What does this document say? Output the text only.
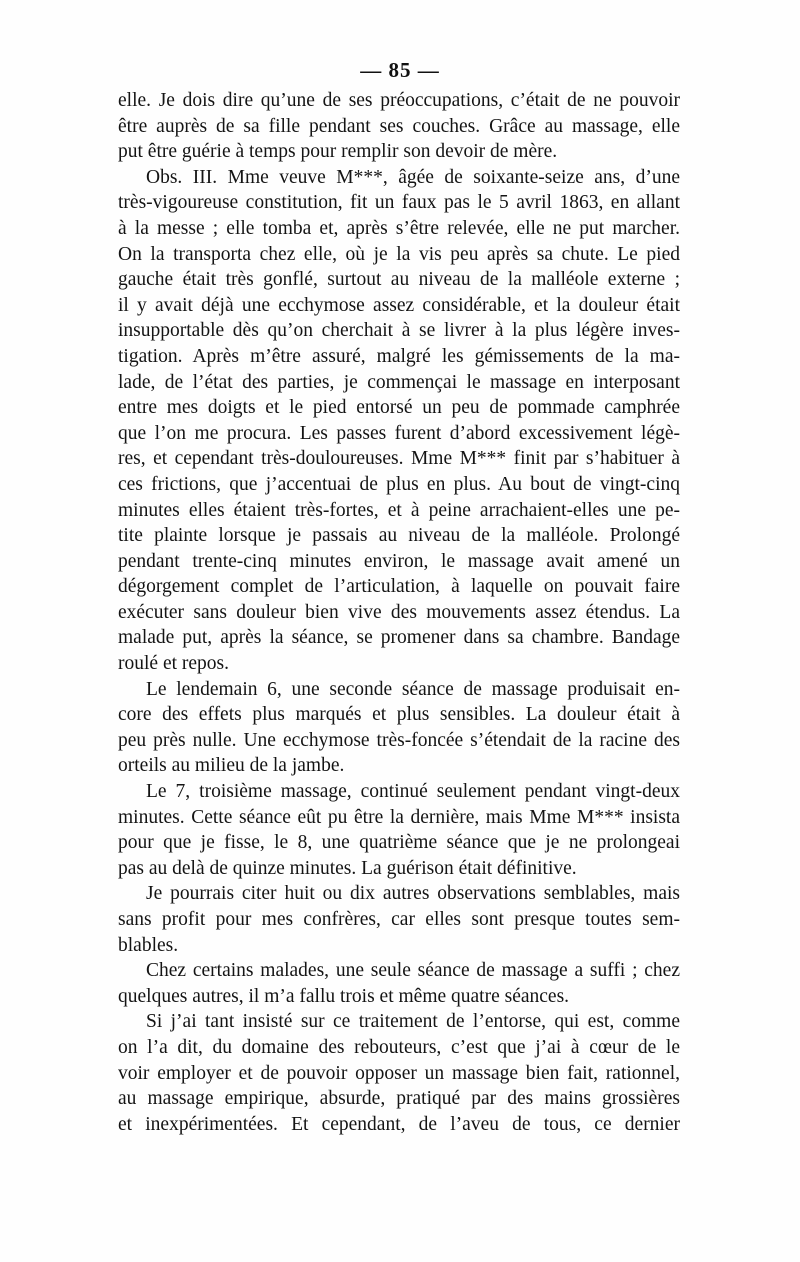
— 85 —

elle. Je dois dire qu’une de ses préoccupations, c’était de ne pouvoir

être auprès de sa fille pendant ses couches. Grâce au massage, elle

put être guérie à temps pour remplir son devoir de mère.

Obs. III. Mme veuve M***, âgée de soixante-seize ans, d’une

très-vigoureuse constitution, fit un faux pas le 5 avril 1863, en allant

à la messe ; elle tomba et, après s’être relevée, elle ne put marcher.

On la transporta chez elle, où je la vis peu après sa chute. Le pied

gauche était très gonflé, surtout au niveau de la malléole externe ;

il y avait déjà une ecchymose assez considérable, et la douleur était

insupportable dès qu’on cherchait à se livrer à la plus légère inves-

tigation. Après m’être assuré, malgré les gémissements de la ma-

lade, de l’état des parties, je commençai le massage en interposant

entre mes doigts et le pied entorsé un peu de pommade camphrée

que l’on me procura. Les passes furent d’abord excessivement légè-

res, et cependant très-douloureuses. Mme M*** finit par s’habituer à

ces frictions, que j’accentuai de plus en plus. Au bout de vingt-cinq

minutes elles étaient très-fortes, et à peine arrachaient-elles une pe-

tite plainte lorsque je passais au niveau de la malléole. Prolongé

pendant trente-cinq minutes environ, le massage avait amené un

dégorgement complet de l’articulation, à laquelle on pouvait faire

exécuter sans douleur bien vive des mouvements assez étendus. La

malade put, après la séance, se promener dans sa chambre. Bandage

roulé et repos.

Le lendemain 6, une seconde séance de massage produisait en-

core des effets plus marqués et plus sensibles. La douleur était à

peu près nulle. Une ecchymose très-foncée s’étendait de la racine des

orteils au milieu de la jambe.

Le 7, troisième massage, continué seulement pendant vingt-deux

minutes. Cette séance eût pu être la dernière, mais Mme M*** insista

pour que je fisse, le 8, une quatrième séance que je ne prolongeai

pas au delà de quinze minutes. La guérison était définitive.

Je pourrais citer huit ou dix autres observations semblables, mais

sans profit pour mes confrères, car elles sont presque toutes sem-

blables.

Chez certains malades, une seule séance de massage a suffi ; chez

quelques autres, il m’a fallu trois et même quatre séances.

Si j’ai tant insisté sur ce traitement de l’entorse, qui est, comme

on l’a dit, du domaine des rebouteurs, c’est que j’ai à cœur de le

voir employer et de pouvoir opposer un massage bien fait, rationnel,

au massage empirique, absurde, pratiqué par des mains grossières

et inexpérimentées. Et cependant, de l’aveu de tous, ce dernier
